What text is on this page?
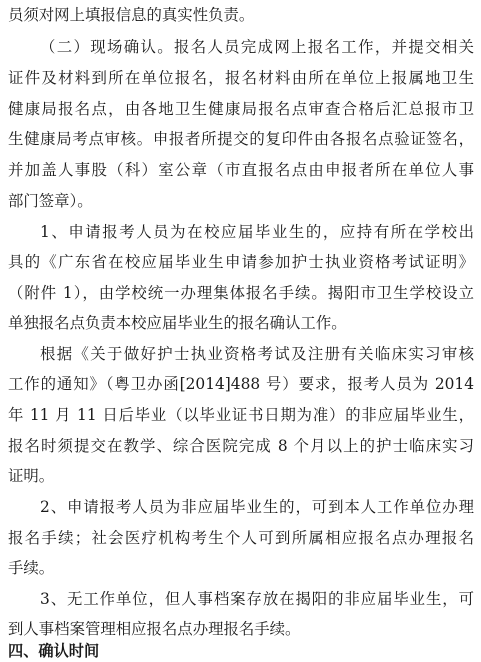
员须对网上填报信息的真实性负责。
（二）现场确认。报名人员完成网上报名工作，并提交相关
证件及材料到所在单位报名，报名材料由所在单位上报属地卫生
健康局报名点，由各地卫生健康局报名点审查合格后汇总报市卫
生健康局考点审核。申报者所提交的复印件由各报名点验证签名，
并加盖人事股（科）室公章（市直报名点由申报者所在单位人事
部门签章）。
1、申请报考人员为在校应届毕业生的，应持有所在学校出
具的《广东省在校应届毕业生申请参加护士执业资格考试证明》
（附件 1），由学校统一办理集体报名手续。揭阳市卫生学校设立
单独报名点负责本校应届毕业生的报名确认工作。
根据《关于做好护士执业资格考试及注册有关临床实习审核
工作的通知》（粤卫办函[2014]488 号）要求，报考人员为 2014
年 11 月 11 日后毕业（以毕业证书日期为准）的非应届毕业生，
报名时须提交在教学、综合医院完成 8 个月以上的护士临床实习
证明。
2、申请报考人员为非应届毕业生的，可到本人工作单位办理
报名手续；社会医疗机构考生个人可到所属相应报名点办理报名
手续。
3、无工作单位，但人事档案存放在揭阳的非应届毕业生，可
到人事档案管理相应报名点办理报名手续。
四、确认时间
